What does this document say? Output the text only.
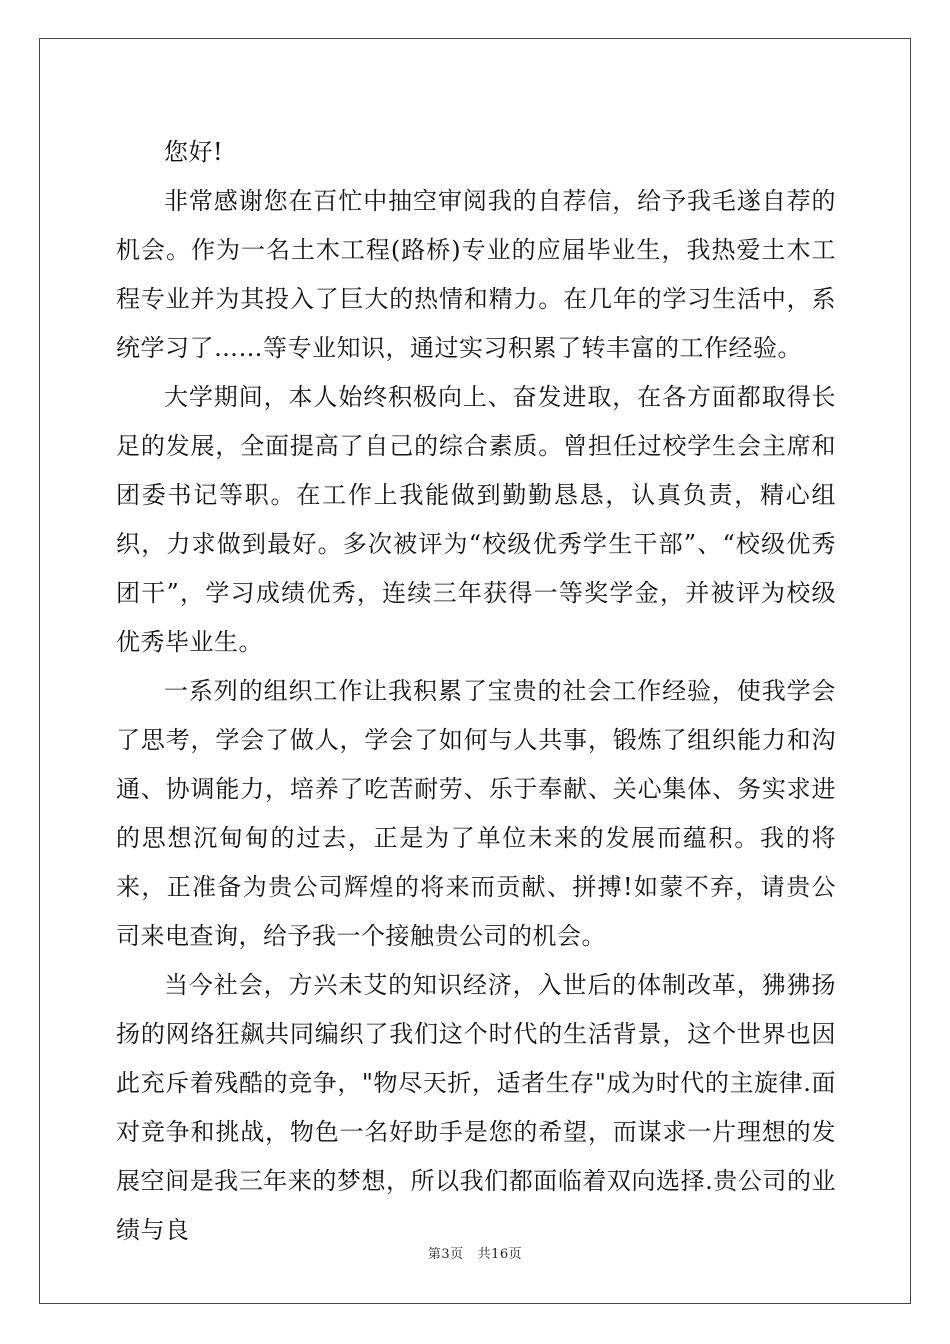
您好!

非常感谢您在百忙中抽空审阅我的自荐信，给予我毛遂自荐的机会。作为一名土木工程(路桥)专业的应届毕业生，我热爱土木工程专业并为其投入了巨大的热情和精力。在几年的学习生活中，系统学习了……等专业知识，通过实习积累了转丰富的工作经验。

大学期间，本人始终积极向上、奋发进取，在各方面都取得长足的发展，全面提高了自己的综合素质。曾担任过校学生会主席和团委书记等职。在工作上我能做到勤勤恳恳，认真负责，精心组织，力求做到最好。多次被评为“校级优秀学生干部”、“校级优秀团干”，学习成绩优秀，连续三年获得一等奖学金，并被评为校级优秀毕业生。

一系列的组织工作让我积累了宝贵的社会工作经验，使我学会了思考，学会了做人，学会了如何与人共事，锻炼了组织能力和沟通、协调能力，培养了吃苦耐劳、乐于奉献、关心集体、务实求进的思想沉甸甸的过去，正是为了单位未来的发展而蕴积。我的将来，正准备为贵公司辉煌的将来而贡献、拼搏!如蒙不弃，请贵公司来电查询，给予我一个接触贵公司的机会。

当今社会，方兴未艾的知识经济，入世后的体制改革，狒狒扬扬的网络狂飙共同编织了我们这个时代的生活背景，这个世界也因此充斥着残酷的竞争，"物尽天折，适者生存"成为时代的主旋律.面对竞争和挑战，物色一名好助手是您的希望，而谋求一片理想的发展空间是我三年来的梦想，所以我们都面临着双向选择.贵公司的业绩与良

第3页 共16页
